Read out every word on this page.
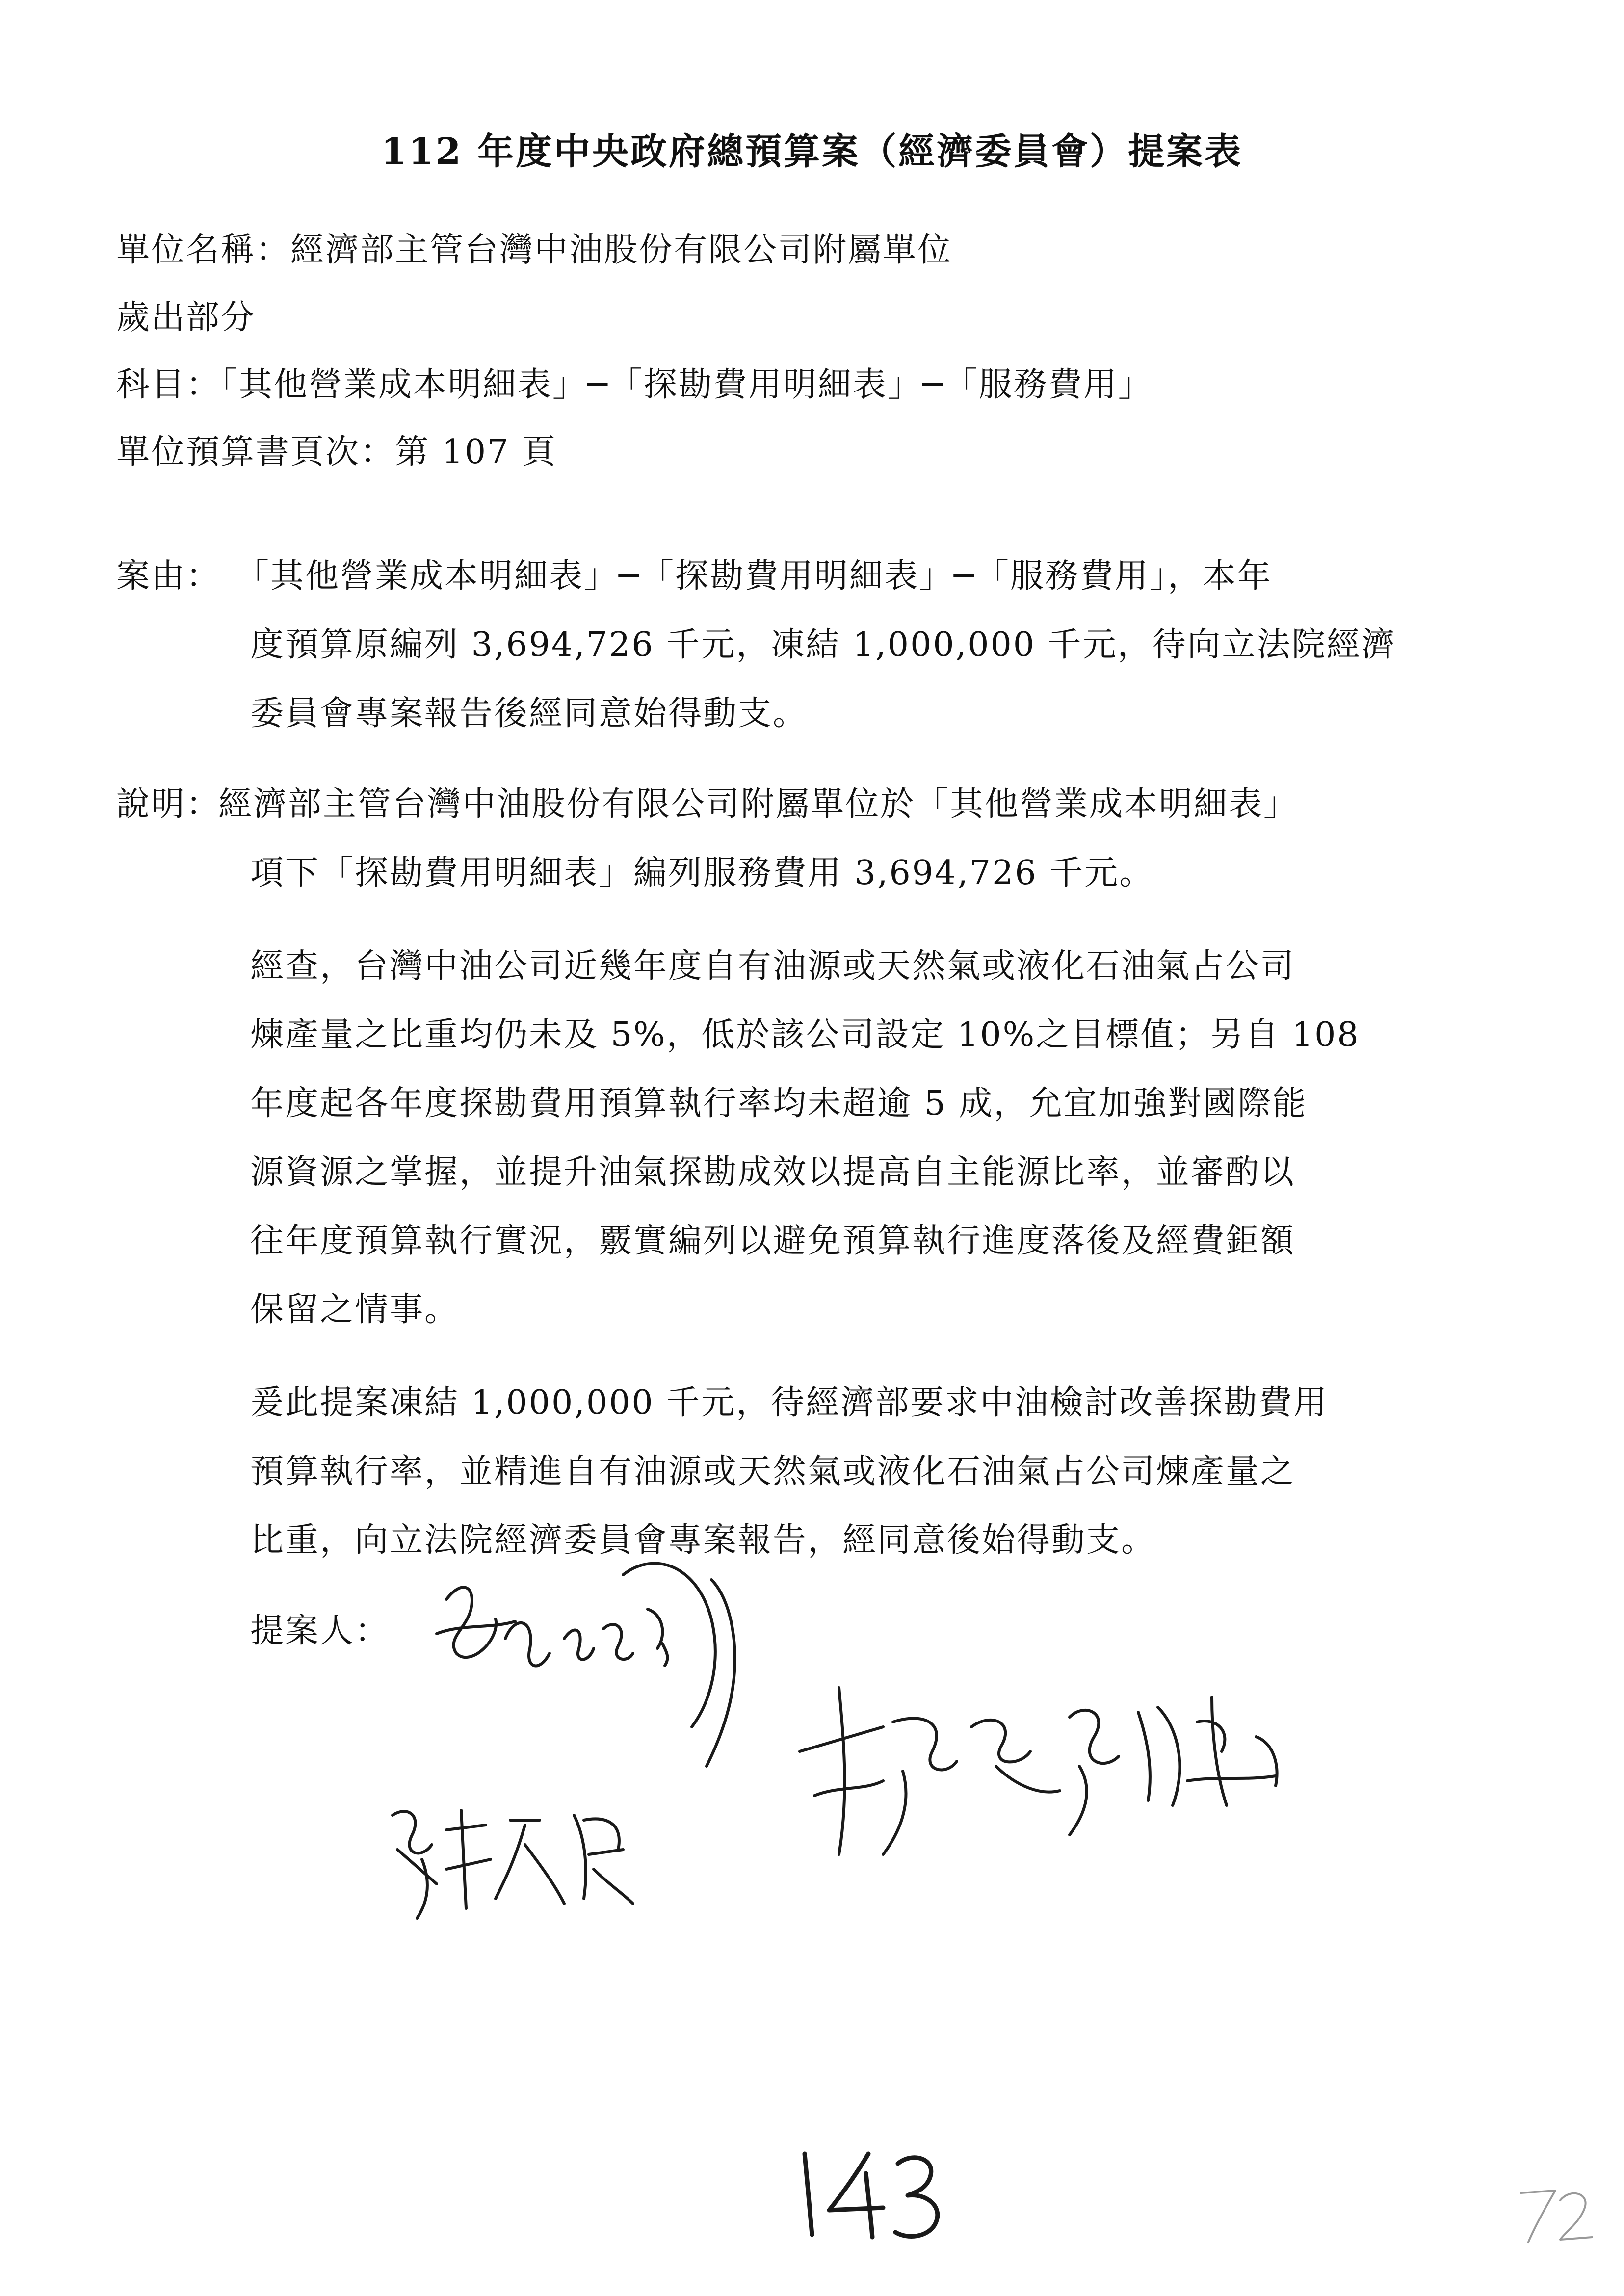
112 年度中央政府總預算案（經濟委員會）提案表
單位名稱：經濟部主管台灣中油股份有限公司附屬單位
歲出部分
科目：「其他營業成本明細表」─「探勘費用明細表」─「服務費用」
單位預算書頁次：第 107 頁
案由： 「其他營業成本明細表」─「探勘費用明細表」─「服務費用」，本年
度預算原編列 3,694,726 千元，凍結 1,000,000 千元，待向立法院經濟
委員會專案報告後經同意始得動支。
說明：
經濟部主管台灣中油股份有限公司附屬單位於「其他營業成本明細表」
項下「探勘費用明細表」編列服務費用 3,694,726 千元。
經查，台灣中油公司近幾年度自有油源或天然氣或液化石油氣占公司
煉產量之比重均仍未及 5%，低於該公司設定 10%之目標值；另自 108
年度起各年度探勘費用預算執行率均未超逾 5 成，允宜加強對國際能
源資源之掌握，並提升油氣探勘成效以提高自主能源比率，並審酌以
往年度預算執行實況，覈實編列以避免預算執行進度落後及經費鉅額
保留之情事。
爰此提案凍結 1,000,000 千元，待經濟部要求中油檢討改善探勘費用
預算執行率，並精進自有油源或天然氣或液化石油氣占公司煉產量之
比重，向立法院經濟委員會專案報告，經同意後始得動支。
提案人：
